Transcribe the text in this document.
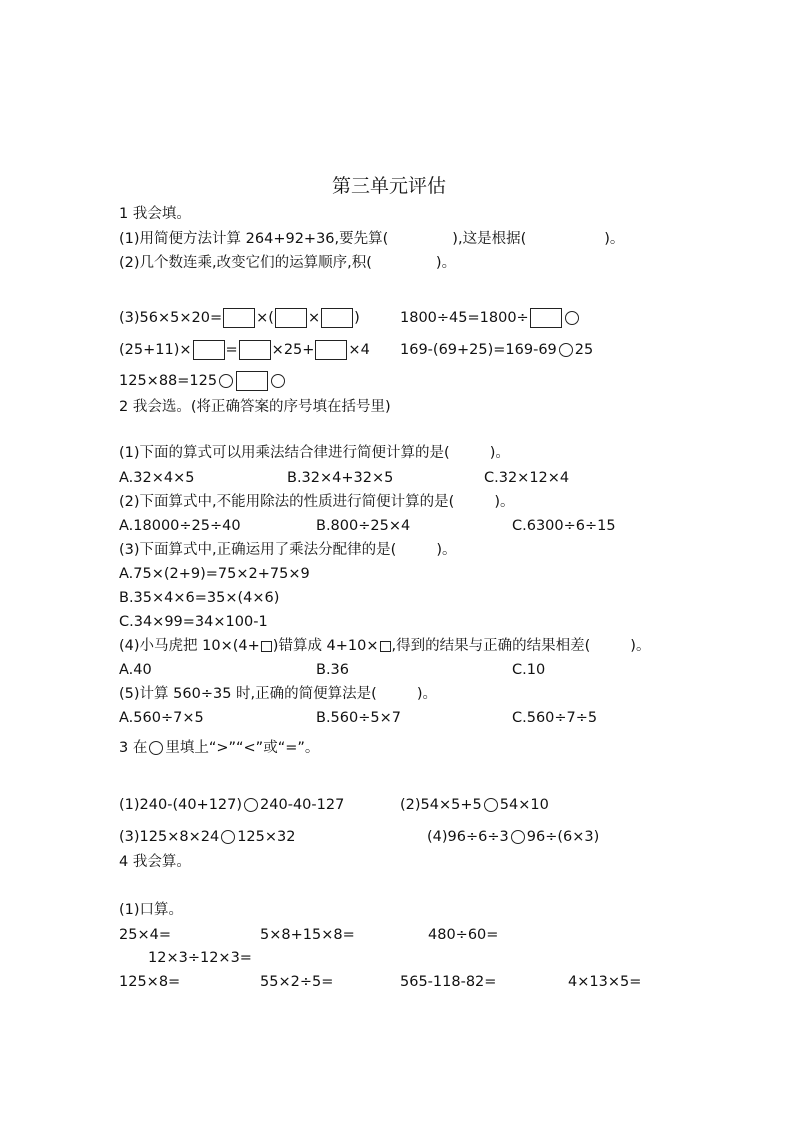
第三单元评估
1 我会填。
(1)用简便方法计算 264+92+36,要先算(	),这是根据(	)。
(2)几个数连乘,改变它们的运算顺序,积(	)。
(3)56×5×20= ×( × )	1800÷45=1800÷
(25+11)× = ×25+ ×4 169-(69+25)=169-69 25
125×88=125
2 我会选。(将正确答案的序号填在括号里)
(1)下面的算式可以用乘法结合律进行简便计算的是(	)。
A.32×4×5	B.32×4+32×5	C.32×12×4
(2)下面算式中,不能用除法的性质进行简便计算的是(	)。
A.18000÷25÷40	B.800÷25×4	C.6300÷6÷15
(3)下面算式中,正确运用了乘法分配律的是(	)。
A.75×(2+9)=75×2+75×9
B.35×4×6=35×(4×6)
C.34×99=34×100-1
(4)小马虎把 10×(4+ )错算成 4+10× ,得到的结果与正确的结果相差(	)。
A.40	B.36	C.10
(5)计算 560÷35 时,正确的简便算法是(	)。
A.560÷7×5	B.560÷5×7	C.560÷7÷5
3 在 里填上“>”“<”或“=”。
(1)240-(40+127) 240-40-127	(2)54×5+5 54×10
(3)125×8×24 125×32	(4)96÷6÷3 96÷(6×3)
4 我会算。
(1)口算。
25×4=	5×8+15×8=	480÷60=
12×3÷12×3=
125×8=	55×2÷5=	565-118-82=	4×13×5=
